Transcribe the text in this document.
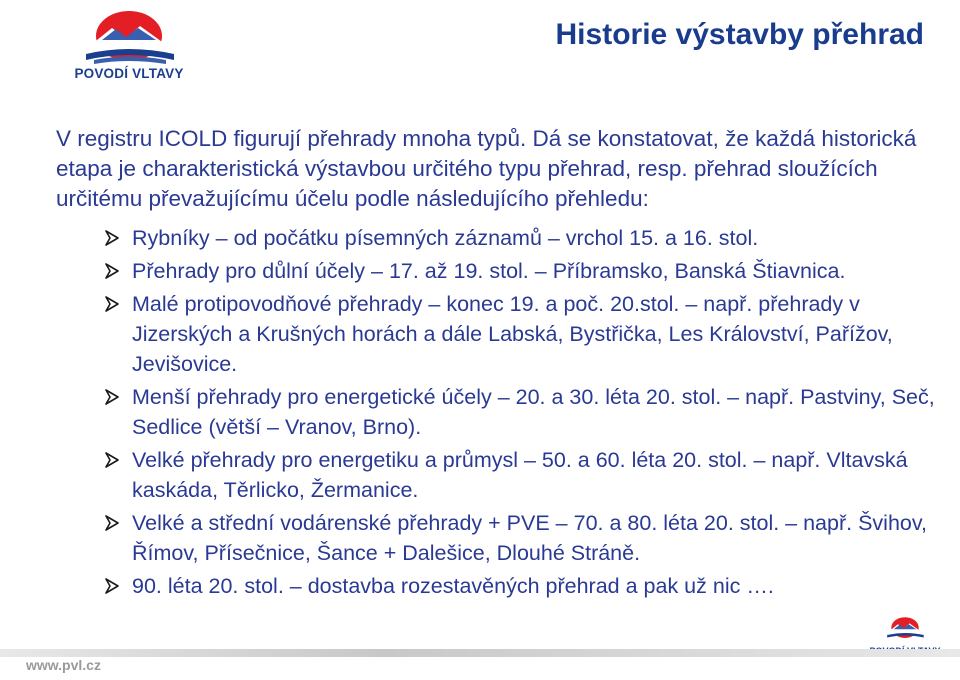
POVODÍ VLTAVY
Historie výstavby přehrad
V registru ICOLD figurují přehrady mnoha typů. Dá se konstatovat, že každá historická etapa je charakteristická výstavbou určitého typu přehrad, resp. přehrad sloužících určitému převažujícímu účelu podle následujícího přehledu:
Rybníky – od počátku písemných záznamů – vrchol 15. a 16. stol.
Přehrady pro důlní účely – 17. až 19. stol. – Příbramsko, Banská Štiavnica.
Malé protipovodňové přehrady – konec 19. a poč. 20.stol. – např. přehrady v Jizerských a Krušných horách a dále Labská, Bystřička, Les Království, Pařížov, Jevišovice.
Menší přehrady pro energetické účely – 20. a 30. léta 20. stol. – např. Pastviny, Seč, Sedlice (větší – Vranov, Brno).
Velké přehrady pro energetiku a průmysl – 50. a 60. léta 20. stol. – např. Vltavská kaskáda, Těrlicko, Žermanice.
Velké a střední vodárenské přehrady + PVE – 70. a 80. léta 20. stol. – např. Švihov, Římov, Přísečnice, Šance + Dalešice, Dlouhé Stráně.
90. léta 20. stol. – dostavba rozestavěných přehrad a pak už nic ….
www.pvl.cz
